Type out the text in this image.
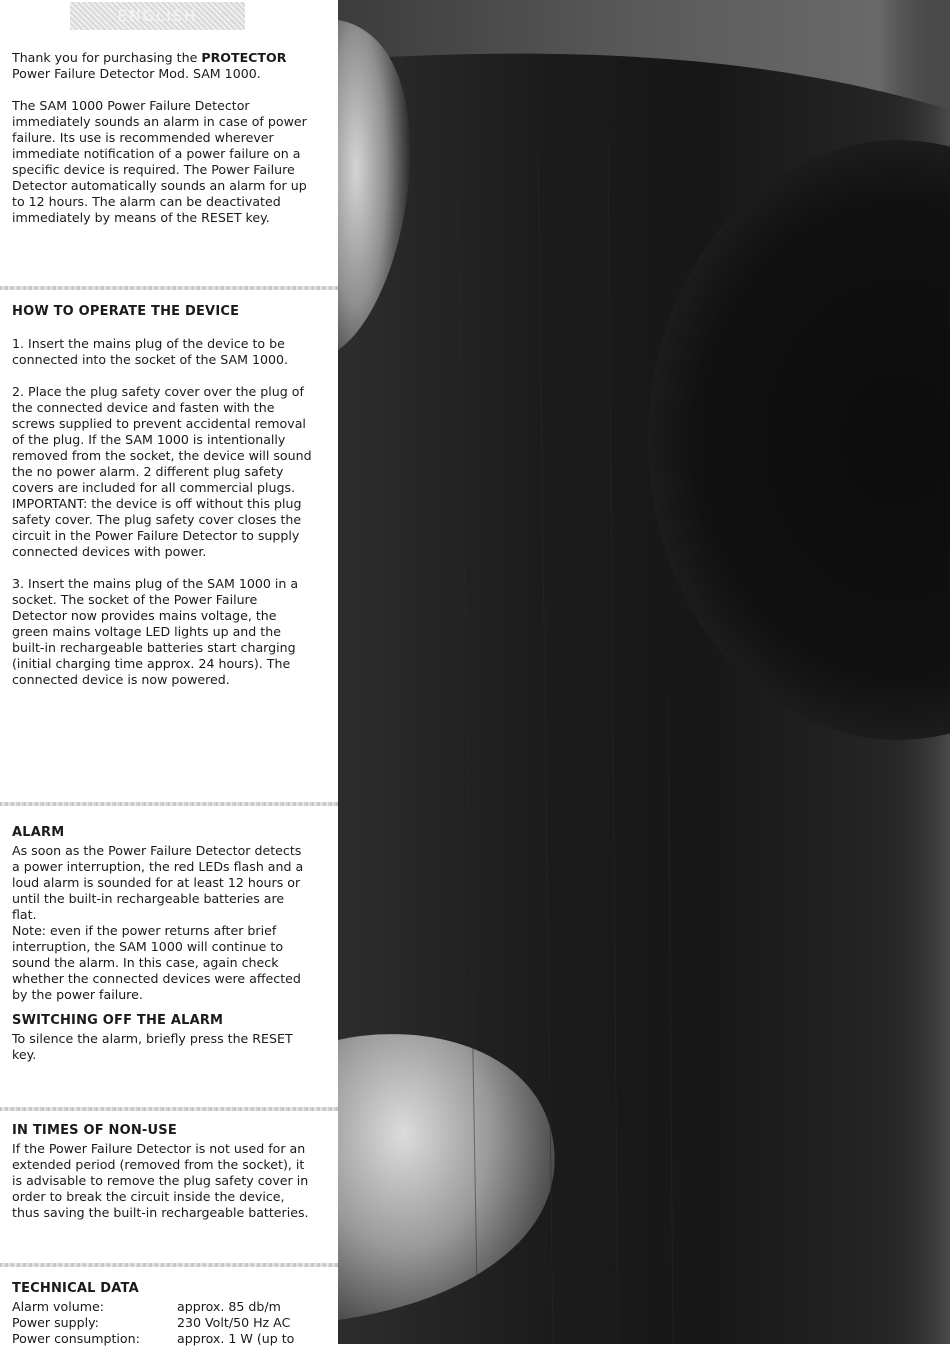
ENGLISH

Thank you for purchasing the PROTECTOR
Power Failure Detector Mod. SAM 1000.

The SAM 1000 Power Failure Detector immediately sounds an alarm in case of power failure. Its use is recommended wherever immediate notification of a power failure on a specific device is required. The Power Failure Detector automatically sounds an alarm for up to 12 hours. The alarm can be deactivated immediately by means of the RESET key.

HOW TO OPERATE THE DEVICE

1. Insert the mains plug of the device to be connected into the socket of the SAM 1000.

2. Place the plug safety cover over the plug of the connected device and fasten with the screws supplied to prevent accidental removal of the plug. If the SAM 1000 is intentionally removed from the socket, the device will sound the no power alarm. 2 different plug safety covers are included for all commercial plugs.

IMPORTANT: the device is off without this plug safety cover. The plug safety cover closes the circuit in the Power Failure Detector to supply connected devices with power.

3. Insert the mains plug of the SAM 1000 in a socket. The socket of the Power Failure Detector now provides mains voltage, the green mains voltage LED lights up and the built-in rechargeable batteries start charging (initial charging time approx. 24 hours). The connected device is now powered.

ALARM

As soon as the Power Failure Detector detects a power interruption, the red LEDs flash and a loud alarm is sounded for at least 12 hours or until the built-in rechargeable batteries are flat.

Note: even if the power returns after brief interruption, the SAM 1000 will continue to sound the alarm. In this case, again check whether the connected devices were affected by the power failure.

SWITCHING OFF THE ALARM

To silence the alarm, briefly press the RESET key.

IN TIMES OF NON-USE

If the Power Failure Detector is not used for an extended period (removed from the socket), it is advisable to remove the plug safety cover in order to break the circuit inside the device, thus saving the built-in rechargeable batteries.

TECHNICAL DATA
Alarm volume:	approx. 85 db/m
Power supply:	230 Volt/50 Hz AC
Power consumption:	approx. 1 W (up to
